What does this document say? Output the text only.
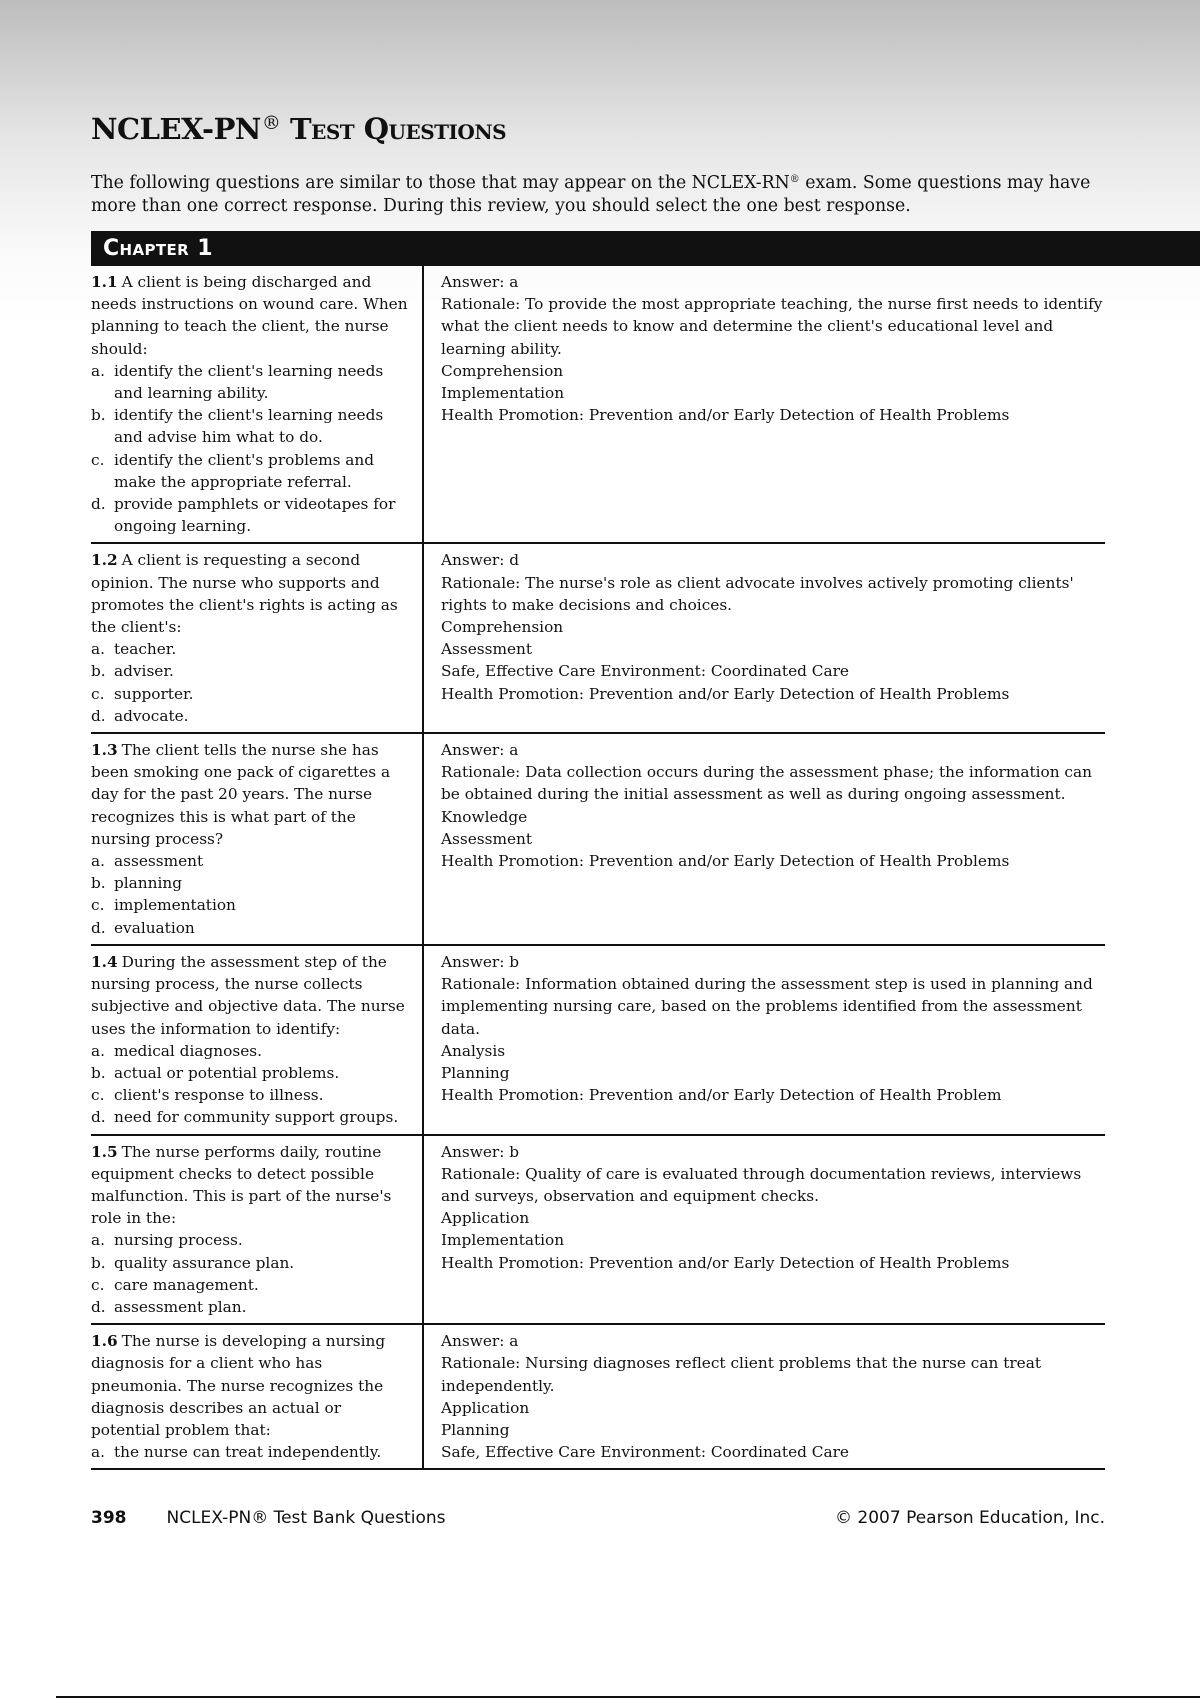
NCLEX-PN® Test Questions

The following questions are similar to those that may appear on the NCLEX-RN® exam. Some questions may have more than one correct response. During this review, you should select the one best response.

Chapter 1
1.1 A client is being discharged and needs instructions on wound care. When planning to teach the client, the nurse should:
a. identify the client's learning needs and learning ability.
b. identify the client's learning needs and advise him what to do.
c. identify the client's problems and make the appropriate referral.
d. provide pamphlets or videotapes for ongoing learning.
Answer: a
Rationale: To provide the most appropriate teaching, the nurse first needs to identify what the client needs to know and determine the client's educational level and learning ability.
Comprehension
Implementation
Health Promotion: Prevention and/or Early Detection of Health Problems
1.2 A client is requesting a second opinion. The nurse who supports and promotes the client's rights is acting as the client's:
a. teacher.
b. adviser.
c. supporter.
d. advocate.
Answer: d
Rationale: The nurse's role as client advocate involves actively promoting clients' rights to make decisions and choices.
Comprehension
Assessment
Safe, Effective Care Environment: Coordinated Care
Health Promotion: Prevention and/or Early Detection of Health Problems
1.3 The client tells the nurse she has been smoking one pack of cigarettes a day for the past 20 years. The nurse recognizes this is what part of the nursing process?
a. assessment
b. planning
c. implementation
d. evaluation
Answer: a
Rationale: Data collection occurs during the assessment phase; the information can be obtained during the initial assessment as well as during ongoing assessment.
Knowledge
Assessment
Health Promotion: Prevention and/or Early Detection of Health Problems
1.4 During the assessment step of the nursing process, the nurse collects subjective and objective data. The nurse uses the information to identify:
a. medical diagnoses.
b. actual or potential problems.
c. client's response to illness.
d. need for community support groups.
Answer: b
Rationale: Information obtained during the assessment step is used in planning and implementing nursing care, based on the problems identified from the assessment data.
Analysis
Planning
Health Promotion: Prevention and/or Early Detection of Health Problem
1.5 The nurse performs daily, routine equipment checks to detect possible malfunction. This is part of the nurse's role in the:
a. nursing process.
b. quality assurance plan.
c. care management.
d. assessment plan.
Answer: b
Rationale: Quality of care is evaluated through documentation reviews, interviews and surveys, observation and equipment checks.
Application
Implementation
Health Promotion: Prevention and/or Early Detection of Health Problems
1.6 The nurse is developing a nursing diagnosis for a client who has pneumonia. The nurse recognizes the diagnosis describes an actual or potential problem that:
a. the nurse can treat independently.
Answer: a
Rationale: Nursing diagnoses reflect client problems that the nurse can treat independently.
Application
Planning
Safe, Effective Care Environment: Coordinated Care
398 NCLEX-PN® Test Bank Questions	© 2007 Pearson Education, Inc.
